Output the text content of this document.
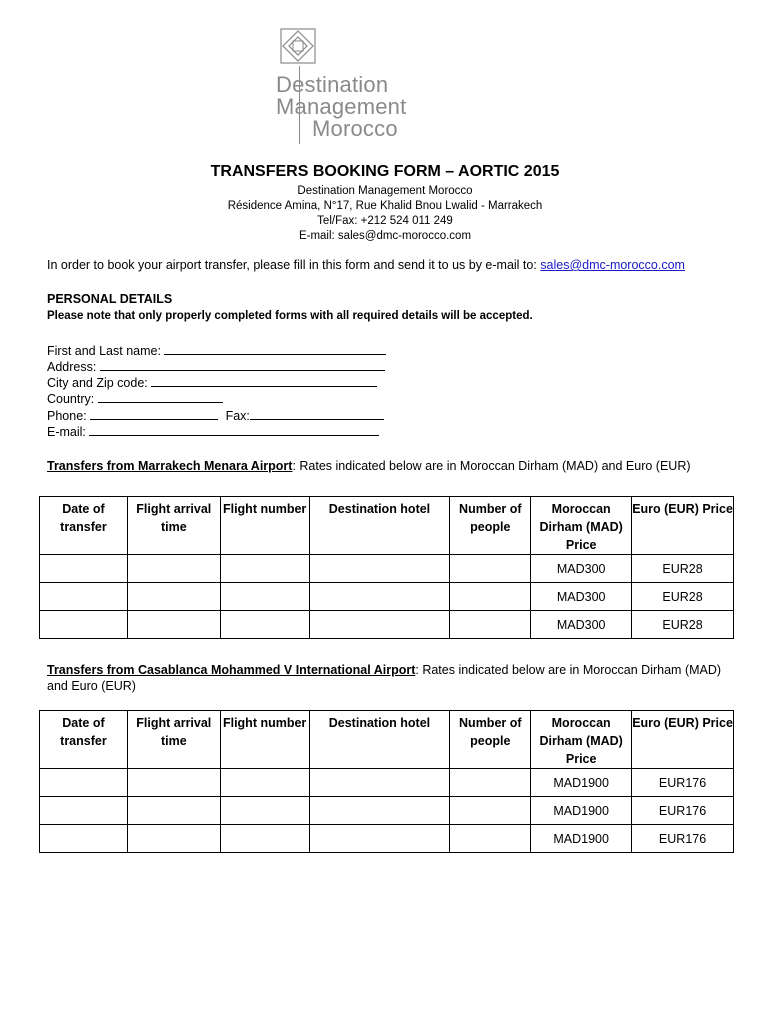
Destination
Management
Morocco
TRANSFERS BOOKING FORM – AORTIC 2015
Destination Management Morocco
Résidence Amina, N°17, Rue Khalid Bnou Lwalid - Marrakech
Tel/Fax: +212 524 011 249
E-mail: sales@dmc-morocco.com
In order to book your airport transfer, please fill in this form and send it to us by e-mail to: sales@dmc-morocco.com
PERSONAL DETAILS
Please note that only properly completed forms with all required details will be accepted.
First and Last name:
Address:
City and Zip code:
Country:
Phone:	Fax:
E-mail:
Transfers from Marrakech Menara Airport: Rates indicated below are in Moroccan Dirham (MAD) and Euro (EUR)
Date of transfer	Flight arrival time	Flight number	Destination hotel	Number of people	Moroccan Dirham (MAD) Price	Euro (EUR) Price
					MAD300	EUR28
					MAD300	EUR28
					MAD300	EUR28
Transfers from Casablanca Mohammed V International Airport: Rates indicated below are in Moroccan Dirham (MAD) and Euro (EUR)
Date of transfer	Flight arrival time	Flight number	Destination hotel	Number of people	Moroccan Dirham (MAD) Price	Euro (EUR) Price
					MAD1900	EUR176
					MAD1900	EUR176
					MAD1900	EUR176
